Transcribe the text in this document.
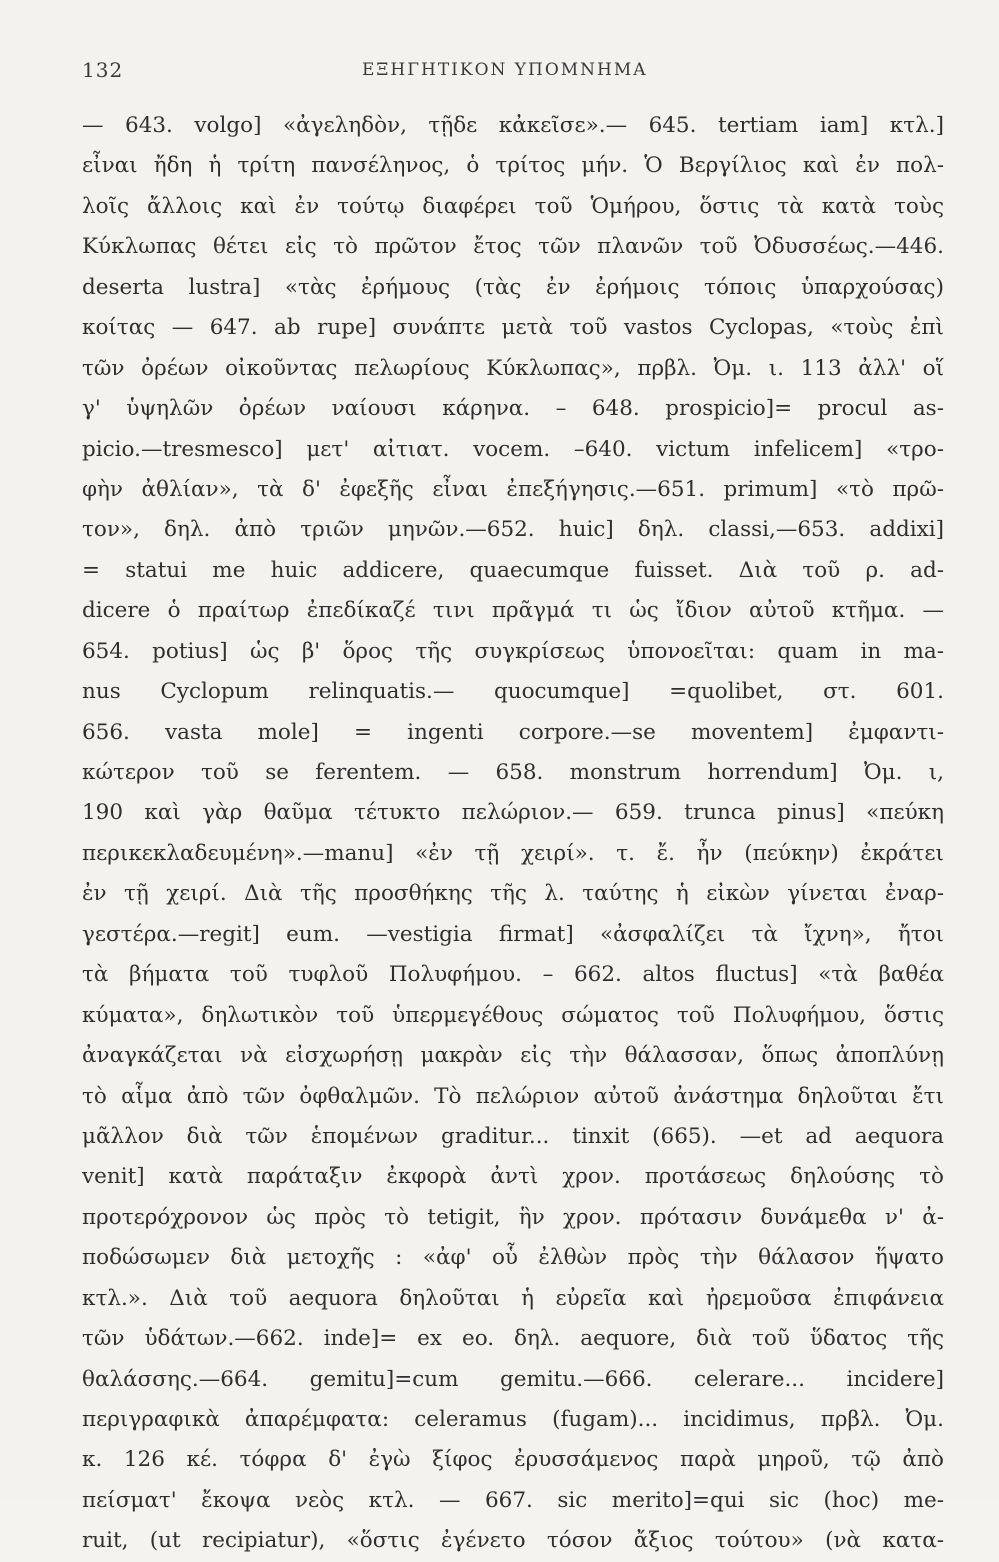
132	ΕΞΗΓΗΤΙΚΟΝ ΥΠΟΜΝΗΜΑ
— 643. volgo] «ἀγεληδὸν, τῇδε κἀκεῖσε».— 645. tertiam iam] κτλ.]
εἶναι ἤδη ἡ τρίτη πανσέληνος, ὁ τρίτος μήν. Ὁ Βεργίλιος καὶ ἐν πολ-
λοῖς ἄλλοις καὶ ἐν τούτῳ διαφέρει τοῦ Ὁμήρου, ὅστις τὰ κατὰ τοὺς
Κύκλωπας θέτει εἰς τὸ πρῶτον ἔτος τῶν πλανῶν τοῦ Ὀδυσσέως.—446.
deserta lustra] «τὰς ἐρήμους (τὰς ἐν ἐρήμοις τόποις ὑπαρχούσας)
κοίτας — 647. ab rupe] συνάπτε μετὰ τοῦ vastos Cyclopas, «τοὺς ἐπὶ
τῶν ὀρέων οἰκοῦντας πελωρίους Κύκλωπας», πρβλ. Ὀμ. ι. 113 ἀλλ' οἵ
γ' ὑψηλῶν ὀρέων ναίουσι κάρηνα. – 648. prospicio]= procul as-
picio.—tresmesco] μετ' αἰτιατ. vocem. –640. victum infelicem] «τρο-
φὴν ἀθλίαν», τὰ δ' ἐφεξῆς εἶναι ἐπεξήγησις.—651. primum] «τὸ πρῶ-
τον», δηλ. ἀπὸ τριῶν μηνῶν.—652. huic] δηλ. classi,—653. addixi]
= statui me huic addicere, quaecumque fuisset. Διὰ τοῦ ρ. ad-
dicere ὁ πραίτωρ ἐπεδίκαζέ τινι πρᾶγμά τι ὡς ἴδιον αὐτοῦ κτῆμα. —
654. potius] ὡς β' ὅρος τῆς συγκρίσεως ὑπονοεῖται: quam in ma-
nus Cyclopum relinquatis.— quocumque] =quolibet, στ. 601.
656. vasta mole] = ingenti corpore.—se moventem] ἐμφαντι-
κώτερον τοῦ se ferentem. — 658. monstrum horrendum] Ὀμ. ι,
190 καὶ γὰρ θαῦμα τέτυκτο πελώριον.— 659. trunca pinus] «πεύκη
περικεκλαδευμένη».—manu] «ἐν τῇ χειρί». τ. ἔ. ἦν (πεύκην) ἐκράτει
ἐν τῇ χειρί. Διὰ τῆς προσθήκης τῆς λ. ταύτης ἡ εἰκὼν γίνεται ἐναρ-
γεστέρα.—regit] eum. —vestigia firmat] «ἀσφαλίζει τὰ ἴχνη», ἤτοι
τὰ βήματα τοῦ τυφλοῦ Πολυφήμου. – 662. altos fluctus] «τὰ βαθέα
κύματα», δηλωτικὸν τοῦ ὑπερμεγέθους σώματος τοῦ Πολυφήμου, ὅστις
ἀναγκάζεται νὰ εἰσχωρήσῃ μακρὰν εἰς τὴν θάλασσαν, ὅπως ἀποπλύνῃ
τὸ αἷμα ἀπὸ τῶν ὀφθαλμῶν. Τὸ πελώριον αὐτοῦ ἀνάστημα δηλοῦται ἔτι
μᾶλλον διὰ τῶν ἑπομένων graditur... tinxit (665). —et ad aequora
venit] κατὰ παράταξιν ἐκφορὰ ἀντὶ χρον. προτάσεως δηλούσης τὸ
προτερόχρονον ὡς πρὸς τὸ tetigit, ἣν χρον. πρότασιν δυνάμεθα ν' ἀ-
ποδώσωμεν διὰ μετοχῆς : «ἀφ' οὗ ἐλθὼν πρὸς τὴν θάλασον ἥψατο
κτλ.». Διὰ τοῦ aequora δηλοῦται ἡ εὐρεῖα καὶ ἠρεμοῦσα ἐπιφάνεια
τῶν ὑδάτων.—662. inde]= ex eo. δηλ. aequore, διὰ τοῦ ὕδατος τῆς
θαλάσσης.—664. gemitu]=cum gemitu.—666. celerare... incidere]
περιγραφικὰ ἀπαρέμφατα: celeramus (fugam)... incidimus, πρβλ. Ὀμ.
κ. 126 κέ. τόφρα δ' ἐγὼ ξίφος ἐρυσσάμενος παρὰ μηροῦ, τῷ ἀπὸ
πείσματ' ἔκοψα νεὸς κτλ. — 667. sic merito]=qui sic (hoc) me-
ruit, (ut recipiatur), «ὅστις ἐγένετο τόσον ἄξιος τούτου» (νὰ κατα-
